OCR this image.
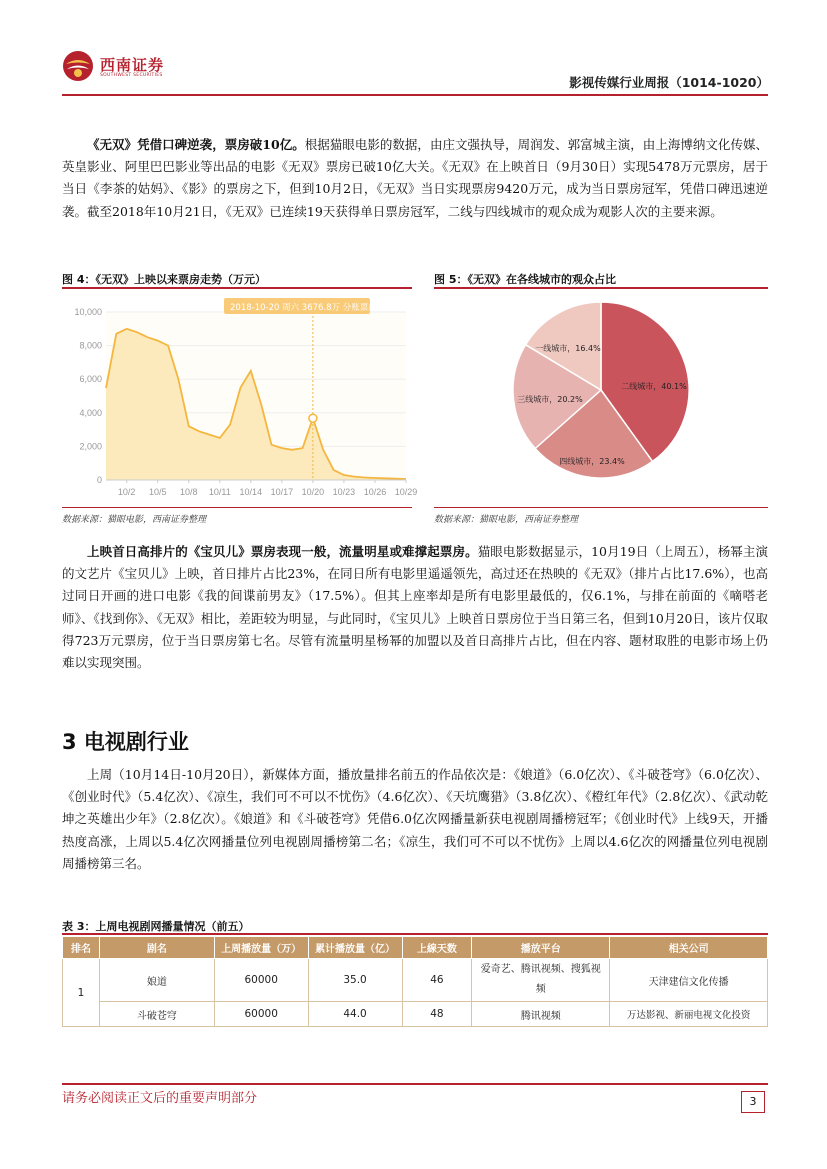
西南证券
SOUTHWEST SECURITIES	影视传媒行业周报（1014-1020）
《无双》凭借口碑逆袭，票房破10亿。根据猫眼电影的数据，由庄文强执导，周润发、郭富城主演，由上海博纳文化传媒、英皇影业、阿里巴巴影业等出品的电影《无双》票房已破10亿大关。《无双》在上映首日（9月30日）实现5478万元票房，居于当日《李茶的姑妈》、《影》的票房之下，但到10月2日，《无双》当日实现票房9420万元，成为当日票房冠军，凭借口碑迅速逆袭。截至2018年10月21日，《无双》已连续19天获得单日票房冠军，二线与四线城市的观众成为观影人次的主要来源。
图 4：《无双》上映以来票房走势（万元）
10,000
8,000
6,000
4,000
2,000
0
2018-10-20 周六 3676.8万 分账票房
10/2 10/5 10/8 10/11 10/14 10/17 10/20 10/23 10/26 10/29
数据来源：猫眼电影，西南证券整理
图 5：《无双》在各线城市的观众占比
二线城市，40.1%
四线城市，23.4%
三线城市，20.2%
一线城市，16.4%
数据来源：猫眼电影，西南证券整理
上映首日高排片的《宝贝儿》票房表现一般，流量明星或难撑起票房。猫眼电影数据显示，10月19日（上周五），杨幂主演的文艺片《宝贝儿》上映，首日排片占比23%，在同日所有电影里遥遥领先，高过还在热映的《无双》（排片占比17.6%），也高过同日开画的进口电影《我的间谍前男友》（17.5%）。但其上座率却是所有电影里最低的，仅6.1%，与排在前面的《嘀嗒老师》、《找到你》、《无双》相比，差距较为明显，与此同时，《宝贝儿》上映首日票房位于当日第三名，但到10月20日，该片仅取得723万元票房，位于当日票房第七名。尽管有流量明星杨幂的加盟以及首日高排片占比，但在内容、题材取胜的电影市场上仍难以实现突围。
3 电视剧行业
上周（10月14日-10月20日），新媒体方面，播放量排名前五的作品依次是：《娘道》（6.0亿次）、《斗破苍穹》（6.0亿次）、《创业时代》（5.4亿次）、《凉生，我们可不可以不忧伤》（4.6亿次）、《天坑鹰猎》（3.8亿次）、《橙红年代》（2.8亿次）、《武动乾坤之英雄出少年》（2.8亿次）。《娘道》和《斗破苍穹》凭借6.0亿次网播量新获电视剧周播榜冠军；《创业时代》上线9天，开播热度高涨，上周以5.4亿次网播量位列电视剧周播榜第二名；《凉生，我们可不可以不忧伤》上周以4.6亿次的网播量位列电视剧周播榜第三名。
表 3：上周电视剧网播量情况（前五）
排名	剧名	上周播放量（万）	累计播放量（亿）	上線天数	播放平台	相关公司
1	娘道	60000	35.0	46	爱奇艺、腾讯视频、搜狐视频	天津建信文化传播
	斗破苍穹	60000	44.0	48	腾讯视频	万达影视、新丽电视文化投资
请务必阅读正文后的重要声明部分	3
